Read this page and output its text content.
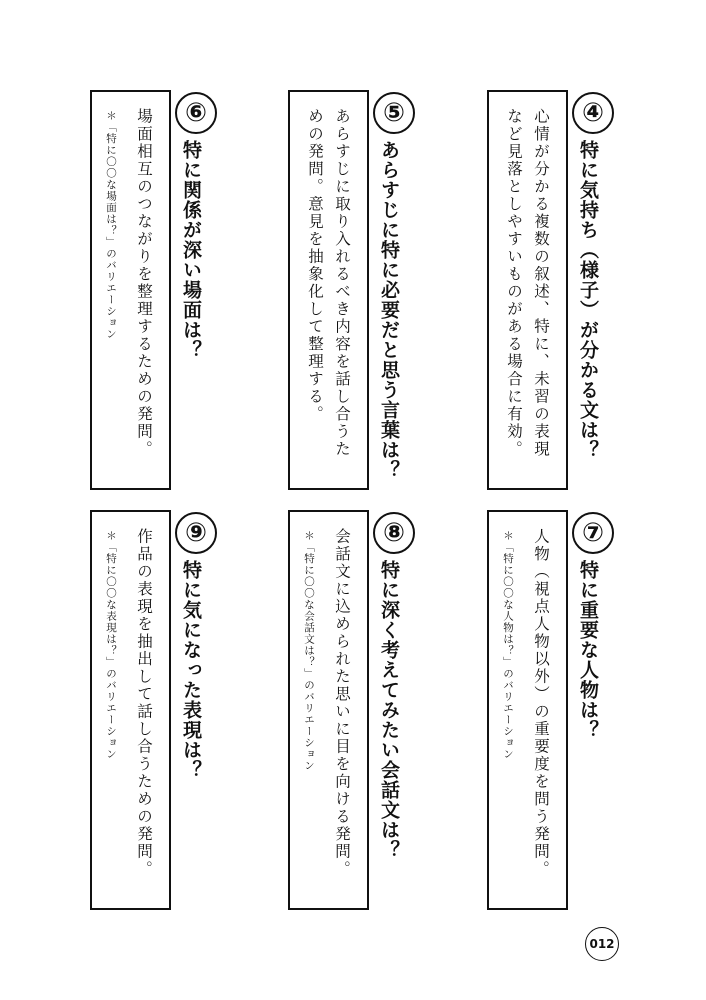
心情が分かる複数の叙述、特に、未習の表現など見落としやすいものがある場合に有効。	④
特に気持ち（様子）が分かる文は？
あらすじに取り入れるべき内容を話し合うための発問。意見を抽象化して整理する。	⑤
あらすじに特に必要だと思う言葉は？
場面相互のつながりを整理するための発問。
＊「特に〇〇な場面は？」のバリエーション	⑥
特に関係が深い場面は？
人物（視点人物以外）の重要度を問う発問。
＊「特に〇〇な人物は？」のバリエーション	⑦
特に重要な人物は？
会話文に込められた思いに目を向ける発問。
＊「特に〇〇な会話文は？」のバリエーション	⑧
特に深く考えてみたい会話文は？
作品の表現を抽出して話し合うための発問。
＊「特に〇〇な表現は？」のバリエーション	⑨
特に気になった表現は？
012
